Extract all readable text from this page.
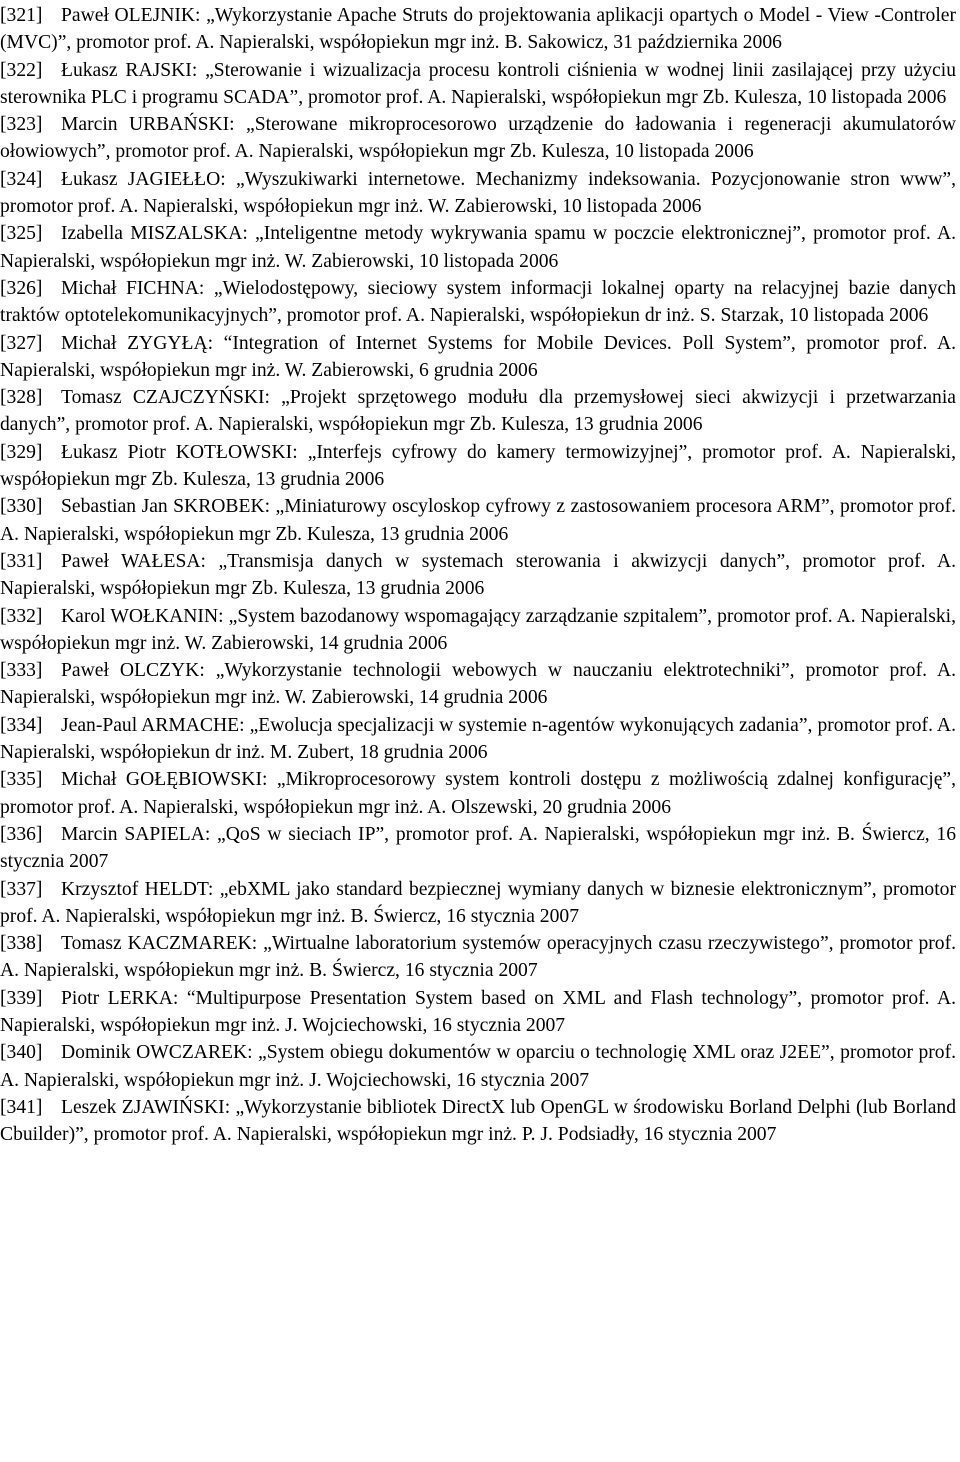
[321] Paweł OLEJNIK: „Wykorzystanie Apache Struts do projektowania aplikacji opartych o Model - View -Controler (MVC)”, promotor prof. A. Napieralski, współopiekun mgr inż. B. Sakowicz, 31 października 2006
[322] Łukasz RAJSKI: „Sterowanie i wizualizacja procesu kontroli ciśnienia w wodnej linii zasilającej przy użyciu sterownika PLC i programu SCADA”, promotor prof. A. Napieralski, współopiekun mgr Zb. Kulesza, 10 listopada 2006
[323] Marcin URBAŃSKI: „Sterowane mikroprocesorowo urządzenie do ładowania i regeneracji akumulatorów ołowiowych”, promotor prof. A. Napieralski, współopiekun mgr Zb. Kulesza, 10 listopada 2006
[324] Łukasz JAGIEŁŁO: „Wyszukiwarki internetowe. Mechanizmy indeksowania. Pozycjonowanie stron www”, promotor prof. A. Napieralski, współopiekun mgr inż. W. Zabierowski, 10 listopada 2006
[325] Izabella MISZALSKA: „Inteligentne metody wykrywania spamu w poczcie elektronicznej”, promotor prof. A. Napieralski, współopiekun mgr inż. W. Zabierowski, 10 listopada 2006
[326] Michał FICHNA: „Wielodostępowy, sieciowy system informacji lokalnej oparty na relacyjnej bazie danych traktów optotelekomunikacyjnych”, promotor prof. A. Napieralski, współopiekun dr inż. S. Starzak, 10 listopada 2006
[327] Michał ZYGYŁĄ: “Integration of Internet Systems for Mobile Devices. Poll System”, promotor prof. A. Napieralski, współopiekun mgr inż. W. Zabierowski, 6 grudnia 2006
[328] Tomasz CZAJCZYŃSKI: „Projekt sprzętowego modułu dla przemysłowej sieci akwizycji i przetwarzania danych”, promotor prof. A. Napieralski, współopiekun mgr Zb. Kulesza, 13 grudnia 2006
[329] Łukasz Piotr KOTŁOWSKI: „Interfejs cyfrowy do kamery termowizyjnej”, promotor prof. A. Napieralski, współopiekun mgr Zb. Kulesza, 13 grudnia 2006
[330] Sebastian Jan SKROBEK: „Miniaturowy oscyloskop cyfrowy z zastosowaniem procesora ARM”, promotor prof. A. Napieralski, współopiekun mgr Zb. Kulesza, 13 grudnia 2006
[331] Paweł WAŁESA: „Transmisja danych w systemach sterowania i akwizycji danych”, promotor prof. A. Napieralski, współopiekun mgr Zb. Kulesza, 13 grudnia 2006
[332] Karol WOŁKANIN: „System bazodanowy wspomagający zarządzanie szpitalem”, promotor prof. A. Napieralski, współopiekun mgr inż. W. Zabierowski, 14 grudnia 2006
[333] Paweł OLCZYK: „Wykorzystanie technologii webowych w nauczaniu elektrotechniki”, promotor prof. A. Napieralski, współopiekun mgr inż. W. Zabierowski, 14 grudnia 2006
[334] Jean-Paul ARMACHE: „Ewolucja specjalizacji w systemie n-agentów wykonujących zadania”, promotor prof. A. Napieralski, współopiekun dr inż. M. Zubert, 18 grudnia 2006
[335] Michał GOŁĘBIOWSKI: „Mikroprocesorowy system kontroli dostępu z możliwością zdalnej konfigurację”, promotor prof. A. Napieralski, współopiekun mgr inż. A. Olszewski, 20 grudnia 2006
[336] Marcin SAPIELA: „QoS w sieciach IP”, promotor prof. A. Napieralski, współopiekun mgr inż. B. Świercz, 16 stycznia 2007
[337] Krzysztof HELDT: „ebXML jako standard bezpiecznej wymiany danych w biznesie elektronicznym”, promotor prof. A. Napieralski, współopiekun mgr inż. B. Świercz, 16 stycznia 2007
[338] Tomasz KACZMAREK: „Wirtualne laboratorium systemów operacyjnych czasu rzeczywistego”, promotor prof. A. Napieralski, współopiekun mgr inż. B. Świercz, 16 stycznia 2007
[339] Piotr LERKA: “Multipurpose Presentation System based on XML and Flash technology”, promotor prof. A. Napieralski, współopiekun mgr inż. J. Wojciechowski, 16 stycznia 2007
[340] Dominik OWCZAREK: „System obiegu dokumentów w oparciu o technologię XML oraz J2EE”, promotor prof. A. Napieralski, współopiekun mgr inż. J. Wojciechowski, 16 stycznia 2007
[341] Leszek ZJAWIŃSKI: „Wykorzystanie bibliotek DirectX lub OpenGL w środowisku Borland Delphi (lub Borland Cbuilder)”, promotor prof. A. Napieralski, współopiekun mgr inż. P. J. Podsiadły, 16 stycznia 2007
